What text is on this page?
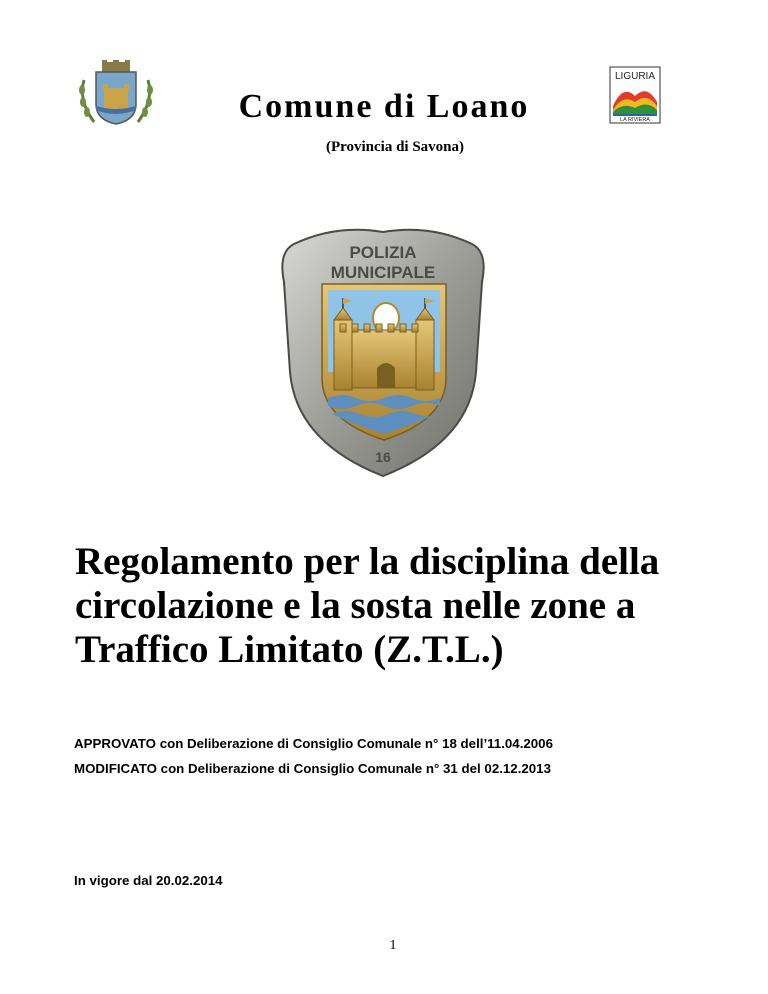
LIGURIA
LA RIVIERA
Comune di Loano
(Provincia di Savona)
POLIZIA
MUNICIPALE
16
Regolamento per la disciplina della
circolazione e la sosta nelle zone a
Traffico Limitato (Z.T.L.)
APPROVATO con Deliberazione di Consiglio Comunale n° 18 dell’11.04.2006
MODIFICATO con Deliberazione di Consiglio Comunale n° 31 del 02.12.2013
In vigore dal 20.02.2014
1
